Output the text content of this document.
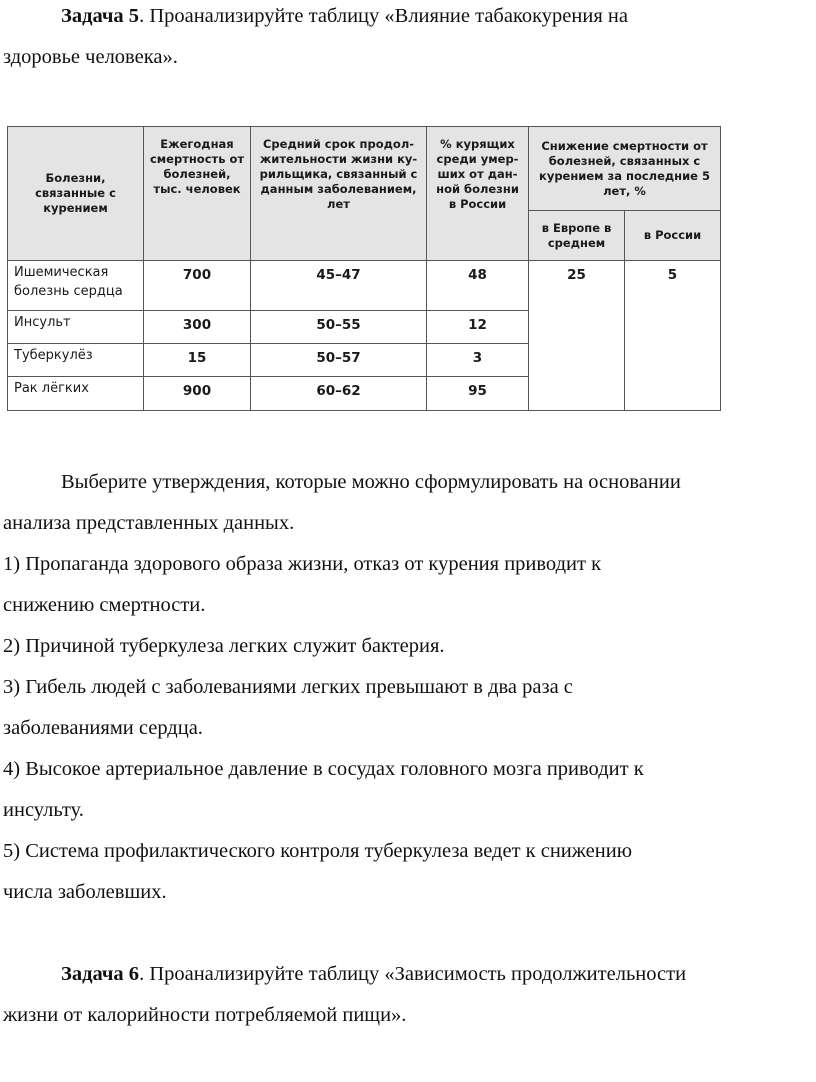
Задача 5. Проанализируйте таблицу «Влияние табакокурения на

здоровье человека».

Болезни, связанные с курением	Ежегодная смертность от болезней, тыс. человек	Средний срок продол-жительности жизни ку-рильщика, связанный с данным заболеванием, лет	% курящих среди умер-ших от дан-ной болезни в России	Снижение смертности от болезней, связанных с курением за последние 5 лет, %	
				в Европе в среднем	в России
Ишемическая болезнь сердца	700	45–47	48	25	5
Инсульт	300	50–55	12		
Туберкулёз	15	50–57	3		
Рак лёгких	900	60–62	95		

Выберите утверждения, которые можно сформулировать на основании

анализа представленных данных.

1) Пропаганда здорового образа жизни, отказ от курения приводит к

снижению смертности.

2) Причиной туберкулеза легких служит бактерия.

3) Гибель людей с заболеваниями легких превышают в два раза с

заболеваниями сердца.

4) Высокое артериальное давление в сосудах головного мозга приводит к

инсульту.

5) Система профилактического контроля туберкулеза ведет к снижению

числа заболевших.

Задача 6. Проанализируйте таблицу «Зависимость продолжительности

жизни от калорийности потребляемой пищи».
